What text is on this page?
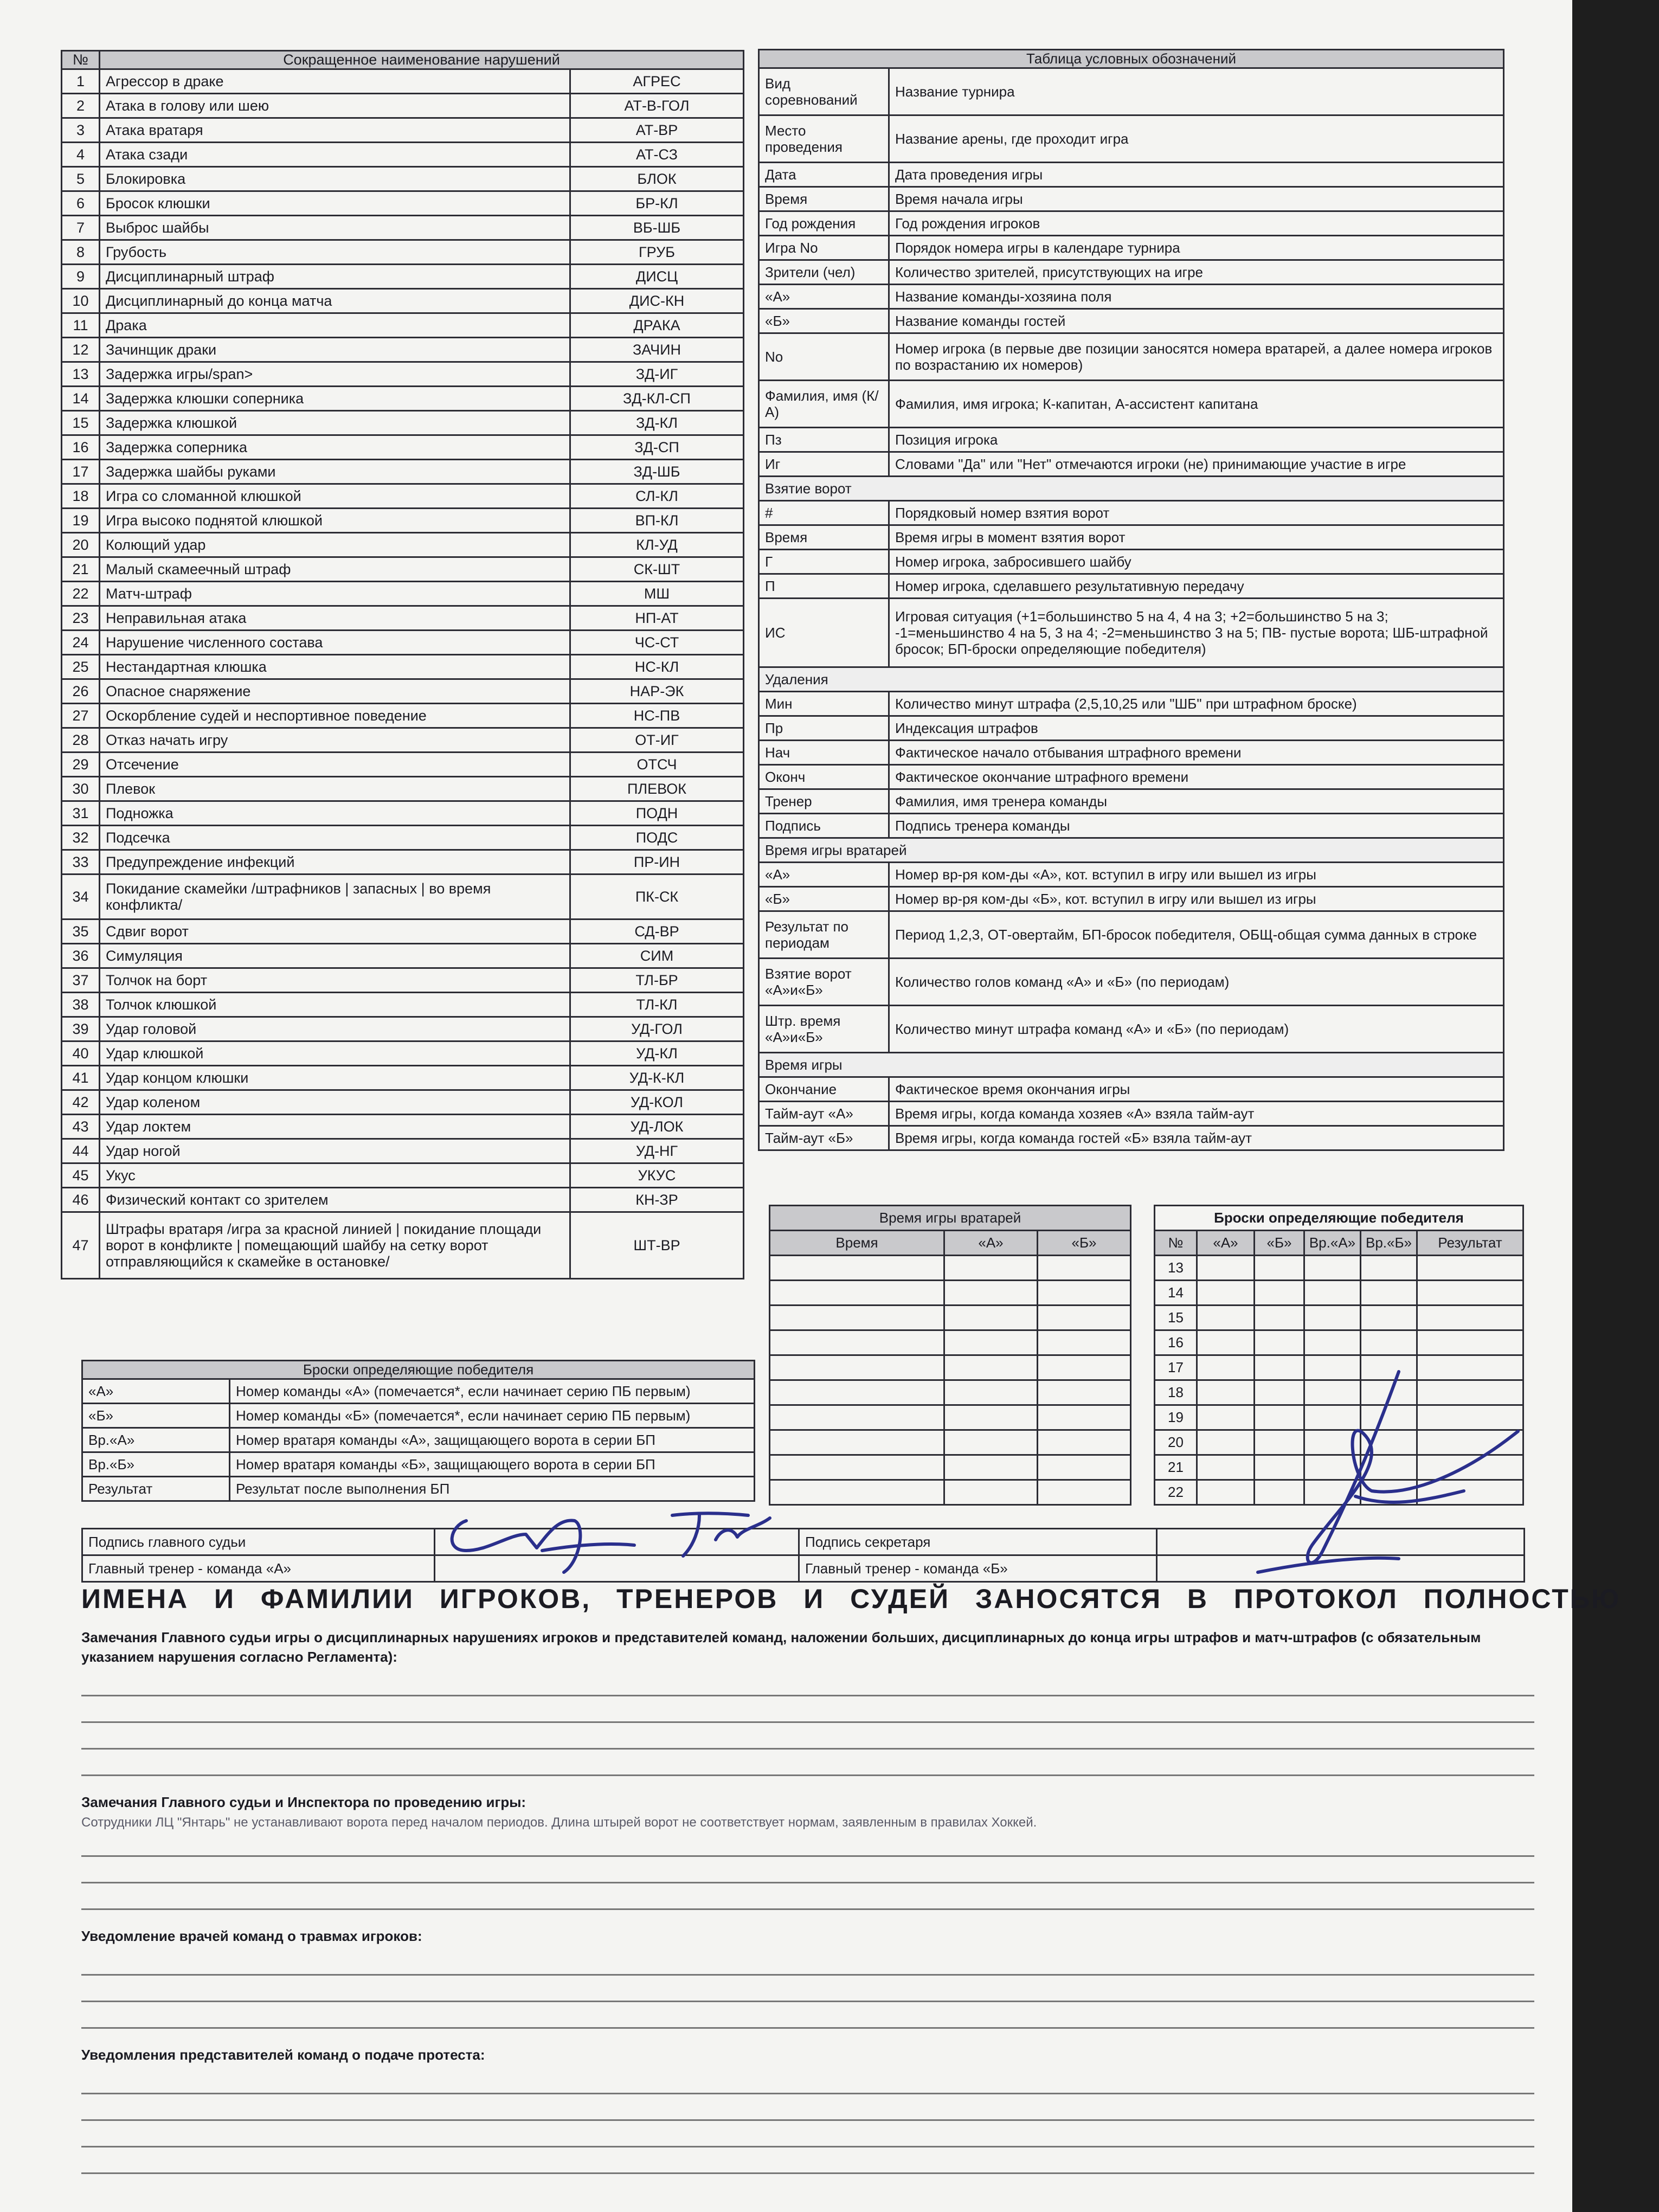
№	Сокращенное наименование нарушений	
1	Агрессор в драке	АГРЕС
2	Атака в голову или шею	АТ-В-ГОЛ
3	Атака вратаря	АТ-ВР
4	Атака сзади	АТ-СЗ
5	Блокировка	БЛОК
6	Бросок клюшки	БР-КЛ
7	Выброс шайбы	ВБ-ШБ
8	Грубость	ГРУБ
9	Дисциплинарный штраф	ДИСЦ
10	Дисциплинарный до конца матча	ДИС-КН
11	Драка	ДРАКА
12	Зачинщик драки	ЗАЧИН
13	Задержка игры/span>	ЗД-ИГ
14	Задержка клюшки соперника	ЗД-КЛ-СП
15	Задержка клюшкой	ЗД-КЛ
16	Задержка соперника	ЗД-СП
17	Задержка шайбы руками	ЗД-ШБ
18	Игра со сломанной клюшкой	СЛ-КЛ
19	Игра высоко поднятой клюшкой	ВП-КЛ
20	Колющий удар	КЛ-УД
21	Малый скамеечный штраф	СК-ШТ
22	Матч-штраф	МШ
23	Неправильная атака	НП-АТ
24	Нарушение численного состава	ЧС-СТ
25	Нестандартная клюшка	НС-КЛ
26	Опасное снаряжение	НАР-ЭК
27	Оскорбление судей и неспортивное поведение	НС-ПВ
28	Отказ начать игру	ОТ-ИГ
29	Отсечение	ОТСЧ
30	Плевок	ПЛЕВОК
31	Подножка	ПОДН
32	Подсечка	ПОДС
33	Предупреждение инфекций	ПР-ИН
34	Покидание скамейки /штрафников | запасных | во время конфликта/	ПК-СК
35	Сдвиг ворот	СД-ВР
36	Симуляция	СИМ
37	Толчок на борт	ТЛ-БР
38	Толчок клюшкой	ТЛ-КЛ
39	Удар головой	УД-ГОЛ
40	Удар клюшкой	УД-КЛ
41	Удар концом клюшки	УД-К-КЛ
42	Удар коленом	УД-КОЛ
43	Удар локтем	УД-ЛОК
44	Удар ногой	УД-НГ
45	Укус	УКУС
46	Физический контакт со зрителем	КН-ЗР
47	Штрафы вратаря /игра за красной линией | покидание площади ворот в конфликте | помещающий шайбу на сетку ворот отправляющийся к скамейке в остановке/	ШТ-ВР
Таблица условных обозначений	
Вид соревнований	Название турнира
Место проведения	Название арены, где проходит игра
Дата	Дата проведения игры
Время	Время начала игры
Год рождения	Год рождения игроков
Игра No	Порядок номера игры в календаре турнира
Зрители (чел)	Количество зрителей, присутствующих на игре
«А»	Название команды-хозяина поля
«Б»	Название команды гостей
No	Номер игрока (в первые две позиции заносятся номера вратарей, а далее номера игроков по возрастанию их номеров)
Фамилия, имя (К/А)	Фамилия, имя игрока; К-капитан, А-ассистент капитана
Пз	Позиция игрока
Иг	Словами "Да" или "Нет" отмечаются игроки (не) принимающие участие в игре
Взятие ворот	
#	Порядковый номер взятия ворот
Время	Время игры в момент взятия ворот
Г	Номер игрока, забросившего шайбу
П	Номер игрока, сделавшего результативную передачу
ИС	Игровая ситуация (+1=большинство 5 на 4, 4 на 3; +2=большинство 5 на 3; -1=меньшинство 4 на 5, 3 на 4; -2=меньшинство 3 на 5; ПВ- пустые ворота; ШБ-штрафной бросок; БП-броски определяющие победителя)
Удаления	
Мин	Количество минут штрафа (2,5,10,25 или "ШБ" при штрафном броске)
Пр	Индексация штрафов
Нач	Фактическое начало отбывания штрафного времени
Оконч	Фактическое окончание штрафного времени
Тренер	Фамилия, имя тренера команды
Подпись	Подпись тренера команды
Время игры вратарей	
«А»	Номер вр-ря ком-ды «А», кот. вступил в игру или вышел из игры
«Б»	Номер вр-ря ком-ды «Б», кот. вступил в игру или вышел из игры
Результат по периодам	Период 1,2,3, ОТ-овертайм, БП-бросок победителя, ОБЩ-общая сумма данных в строке
Взятие ворот «А»и«Б»	Количество голов команд «А» и «Б» (по периодам)
Штр. время «А»и«Б»	Количество минут штрафа команд «А» и «Б» (по периодам)
Время игры	
Окончание	Фактическое время окончания игры
Тайм-аут «А»	Время игры, когда команда хозяев «А» взяла тайм-аут
Тайм-аут «Б»	Время игры, когда команда гостей «Б» взяла тайм-аут
Время игры вратарей		
Время	«А»	«Б»

Броски определяющие победителя					
№	«А»	«Б»	Вр.«А»	Вр.«Б»	Результат
13					
14					
15					
16					
17					
18					
19					
20					
21					
22					
Броски определяющие победителя	
«А»	Номер команды «А» (помечается*, если начинает серию ПБ первым)
«Б»	Номер команды «Б» (помечается*, если начинает серию ПБ первым)
Вр.«А»	Номер вратаря команды «А», защищающего ворота в серии БП
Вр.«Б»	Номер вратаря команды «Б», защищающего ворота в серии БП
Результат	Результат после выполнения БП
Подпись главного судьи		Подпись секретаря	
Главный тренер - команда «А»		Главный тренер - команда «Б»	
ИМЕНА И ФАМИЛИИ ИГРОКОВ, ТРЕНЕРОВ И СУДЕЙ ЗАНОСЯТСЯ В ПРОТОКОЛ ПОЛНОСТЬЮ

Замечания Главного судьи игры о дисциплинарных нарушениях игроков и представителей команд, наложении больших, дисциплинарных до конца игры штрафов и матч-штрафов (с обязательным указанием нарушения согласно Регламента):

Замечания Главного судьи и Инспектора по проведению игры:

Сотрудники ЛЦ "Янтарь" не устанавливают ворота перед началом периодов. Длина штырей ворот не соответствует нормам, заявленным в правилах Хоккей.

Уведомление врачей команд о травмах игроков:

Уведомления представителей команд о подаче протеста:
